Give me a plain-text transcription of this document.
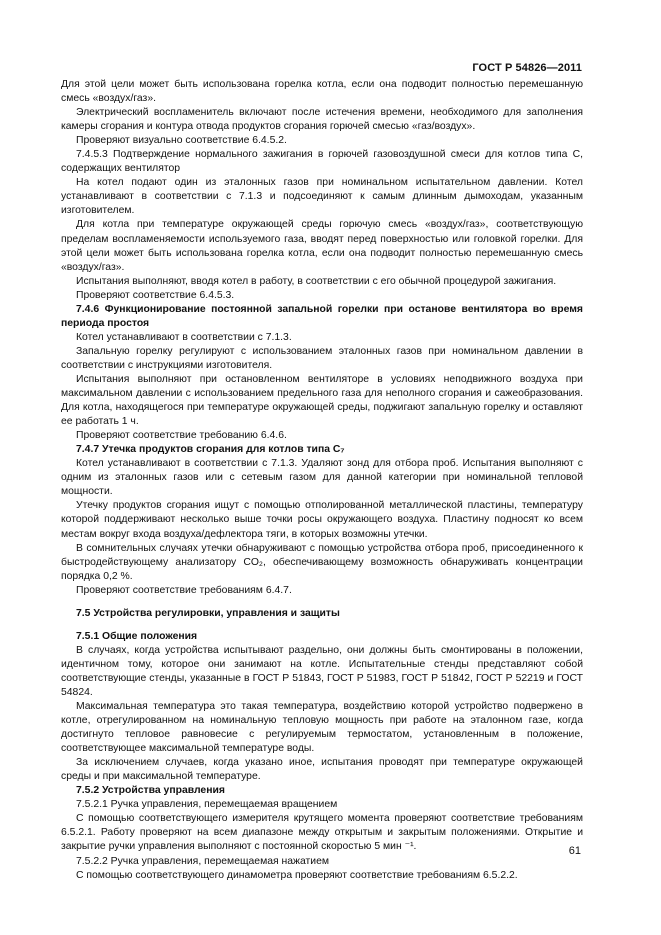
ГОСТ Р 54826—2011

Для этой цели может быть использована горелка котла, если она подводит полностью перемешанную смесь «воздух/газ».

Электрический воспламенитель включают после истечения времени, необходимого для заполнения камеры сгорания и контура отвода продуктов сгорания горючей смесью «газ/воздух».

Проверяют визуально соответствие 6.4.5.2.

7.4.5.3 Подтверждение нормального зажигания в горючей газовоздушной смеси для котлов типа С, содержащих вентилятор

На котел подают один из эталонных газов при номинальном испытательном давлении. Котел устанавливают в соответствии с 7.1.3 и подсоединяют к самым длинным дымоходам, указанным изготовителем.

Для котла при температуре окружающей среды горючую смесь «воздух/газ», соответствующую пределам воспламеняемости используемого газа, вводят перед поверхностью или головкой горелки. Для этой цели может быть использована горелка котла, если она подводит полностью перемешанную смесь «воздух/газ».

Испытания выполняют, вводя котел в работу, в соответствии с его обычной процедурой зажигания.

Проверяют соответствие 6.4.5.3.

7.4.6 Функционирование постоянной запальной горелки при останове вентилятора во время периода простоя

Котел устанавливают в соответствии с 7.1.3.

Запальную горелку регулируют с использованием эталонных газов при номинальном давлении в соответствии с инструкциями изготовителя.

Испытания выполняют при остановленном вентиляторе в условиях неподвижного воздуха при максимальном давлении с использованием предельного газа для неполного сгорания и сажеобразования. Для котла, находящегося при температуре окружающей среды, поджигают запальную горелку и оставляют ее работать 1 ч.

Проверяют соответствие требованию 6.4.6.

7.4.7 Утечка продуктов сгорания для котлов типа С₇

Котел устанавливают в соответствии с 7.1.3. Удаляют зонд для отбора проб. Испытания выполняют с одним из эталонных газов или с сетевым газом для данной категории при номинальной тепловой мощности.

Утечку продуктов сгорания ищут с помощью отполированной металлической пластины, температуру которой поддерживают несколько выше точки росы окружающего воздуха. Пластину подносят ко всем местам вокруг входа воздуха/дефлектора тяги, в которых возможны утечки.

В сомнительных случаях утечки обнаруживают с помощью устройства отбора проб, присоединенного к быстродействующему анализатору CO₂, обеспечивающему возможность обнаруживать концентрации порядка 0,2 %.

Проверяют соответствие требованиям 6.4.7.

7.5 Устройства регулировки, управления и защиты

7.5.1 Общие положения

В случаях, когда устройства испытывают раздельно, они должны быть смонтированы в положении, идентичном тому, которое они занимают на котле. Испытательные стенды представляют собой соответствующие стенды, указанные в ГОСТ Р 51843, ГОСТ Р 51983, ГОСТ Р 51842, ГОСТ Р 52219 и ГОСТ 54824.

Максимальная температура это такая температура, воздействию которой устройство подвержено в котле, отрегулированном на номинальную тепловую мощность при работе на эталонном газе, когда достигнуто тепловое равновесие с регулируемым термостатом, установленным в положение, соответствующее максимальной температуре воды.

За исключением случаев, когда указано иное, испытания проводят при температуре окружающей среды и при максимальной температуре.

7.5.2 Устройства управления

7.5.2.1 Ручка управления, перемещаемая вращением

С помощью соответствующего измерителя крутящего момента проверяют соответствие требованиям 6.5.2.1. Работу проверяют на всем диапазоне между открытым и закрытым положениями. Открытие и закрытие ручки управления выполняют с постоянной скоростью 5 мин ⁻¹.

7.5.2.2 Ручка управления, перемещаемая нажатием

С помощью соответствующего динамометра проверяют соответствие требованиям 6.5.2.2.

61
